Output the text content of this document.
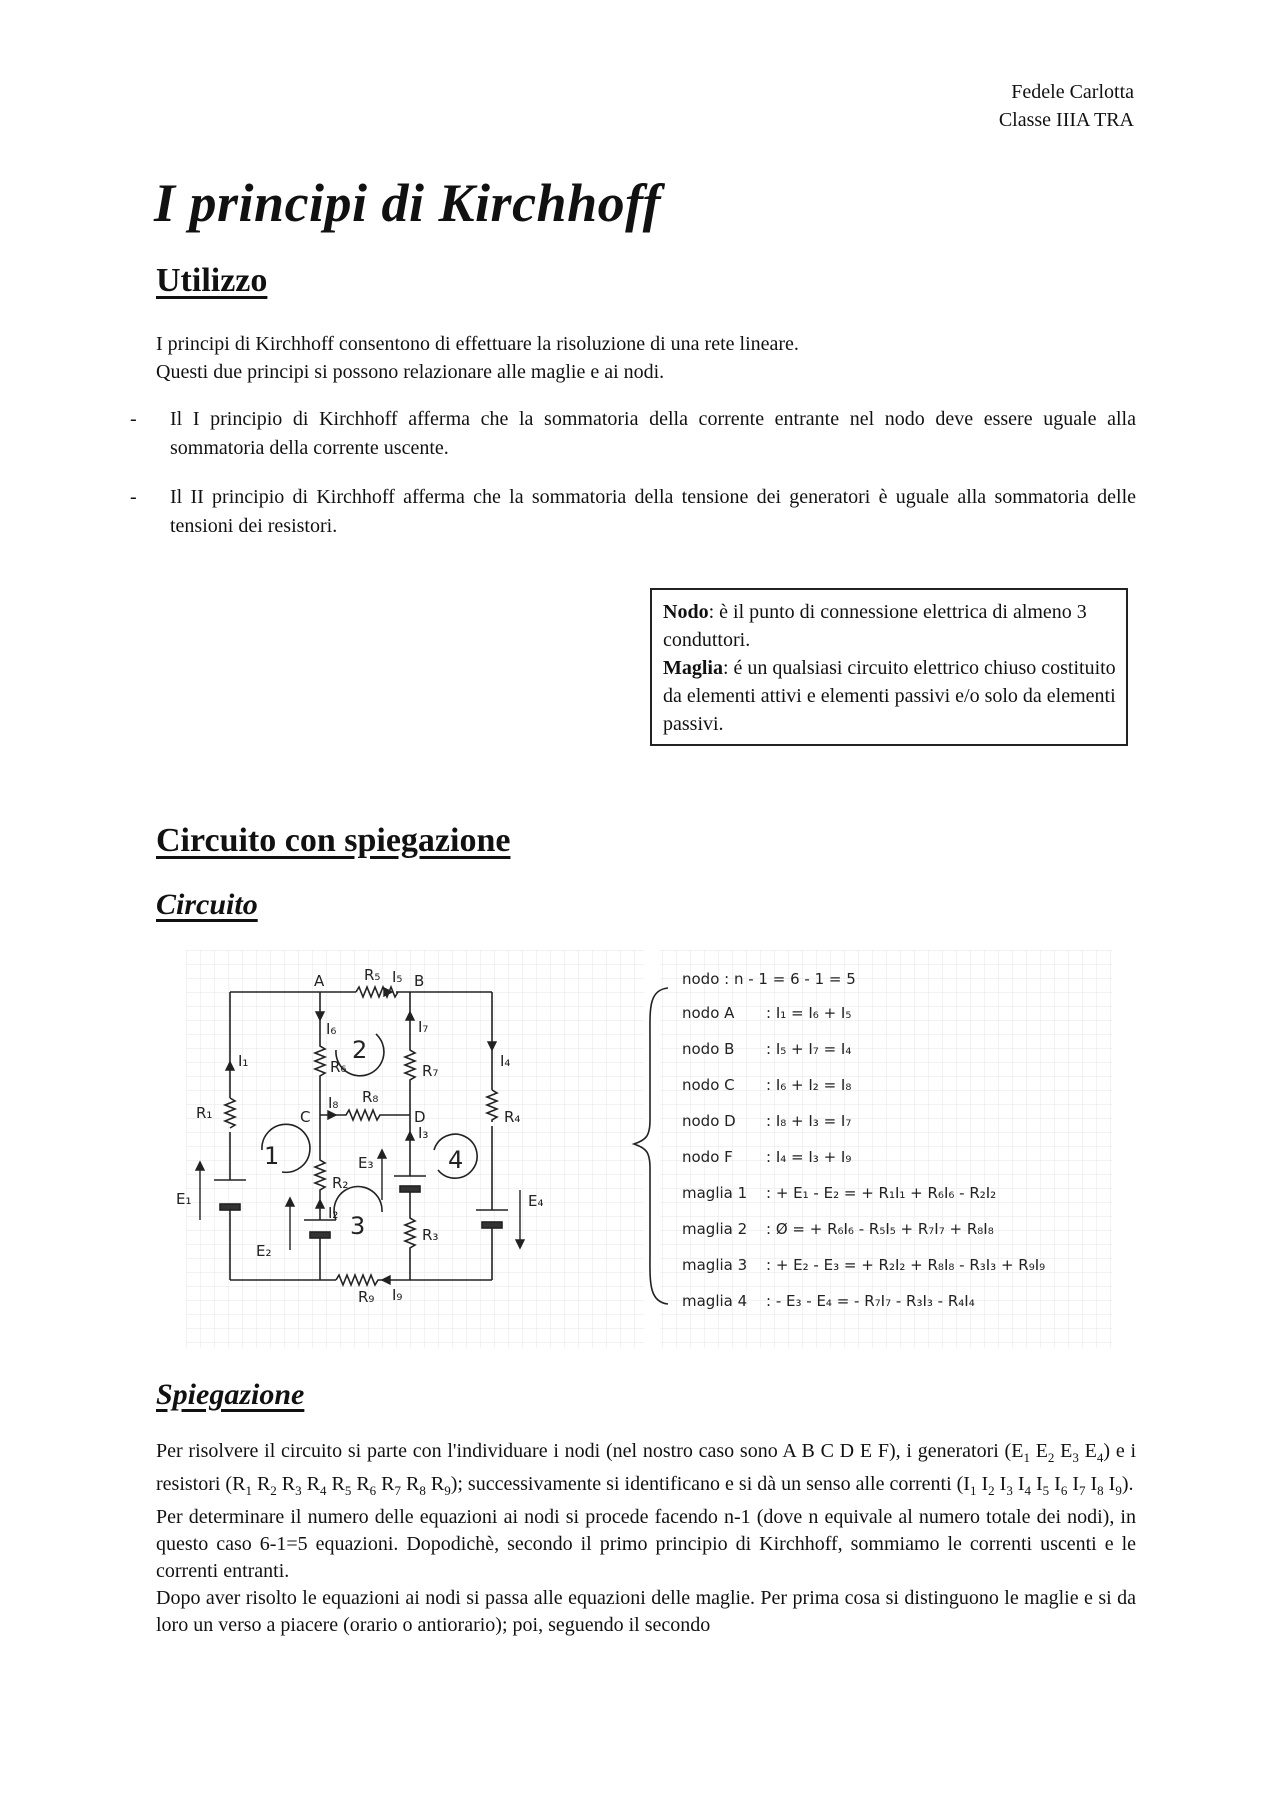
Fedele Carlotta
Classe IIIA TRA
I principi di Kirchhoff
Utilizzo

I principi di Kirchhoff consentono di effettuare la risoluzione di una rete lineare.

Questi due principi si possono relazionare alle maglie e ai nodi.

- Il I principio di Kirchhoff afferma che la sommatoria della corrente entrante nel nodo deve essere uguale alla sommatoria della corrente uscente.
- Il II principio di Kirchhoff afferma che la sommatoria della tensione dei generatori è uguale alla sommatoria delle tensioni dei resistori.

Nodo: è il punto di connessione elettrica di almeno 3 conduttori.

Maglia: é un qualsiasi circuito elettrico chiuso costituito da elementi attivi e elementi passivi e/o solo da elementi passivi.

Circuito con spiegazione
Circuito
A	B
C	D
R₁
R₂
R₃
R₄
R₅
R₆	R₇
R₈
R₉
I₁
I₂
I₃
I₄
I₅
I₆	I₇
I₈
I₉
E₁
E₂
E₃
E₄
1
2
3
4
nodo : n - 1 = 6 - 1 = 5
nodo A : I₁ = I₆ + I₅
nodo B : I₅ + I₇ = I₄
nodo C : I₆ + I₂ = I₈
nodo D : I₈ + I₃ = I₇
nodo F : I₄ = I₃ + I₉
maglia 1 : + E₁ - E₂ = + R₁I₁ + R₆I₆ - R₂I₂
maglia 2 : Ø = + R₆I₆ - R₅I₅ + R₇I₇ + R₈I₈
maglia 3 : + E₂ - E₃ = + R₂I₂ + R₈I₈ - R₃I₃ + R₉I₉
maglia 4 : - E₃ - E₄ = - R₇I₇ - R₃I₃ - R₄I₄
Spiegazione

Per risolvere il circuito si parte con l'individuare i nodi (nel nostro caso sono A B C D E F), i generatori ($E_1$ $E_2$ $E_3$ $E_4$) e i resistori ($R_1$ $R_2$ $R_3$ $R_4$ $R_5$ $R_6$ $R_7$ $R_8$ $R_9$); successivamente si identificano e si dà un senso alle correnti ($I_1$ $I_2$ $I_3$ $I_4$ $I_5$ $I_6$ $I_7$ $I_8$ $I_9$).

Per determinare il numero delle equazioni ai nodi si procede facendo n-1 (dove n equivale al numero totale dei nodi), in questo caso 6-1=5 equazioni. Dopodichè, secondo il primo principio di Kirchhoff, sommiamo le correnti uscenti e le correnti entranti.

Dopo aver risolto le equazioni ai nodi si passa alle equazioni delle maglie. Per prima cosa si distinguono le maglie e si da loro un verso a piacere (orario o antiorario); poi, seguendo il secondo
